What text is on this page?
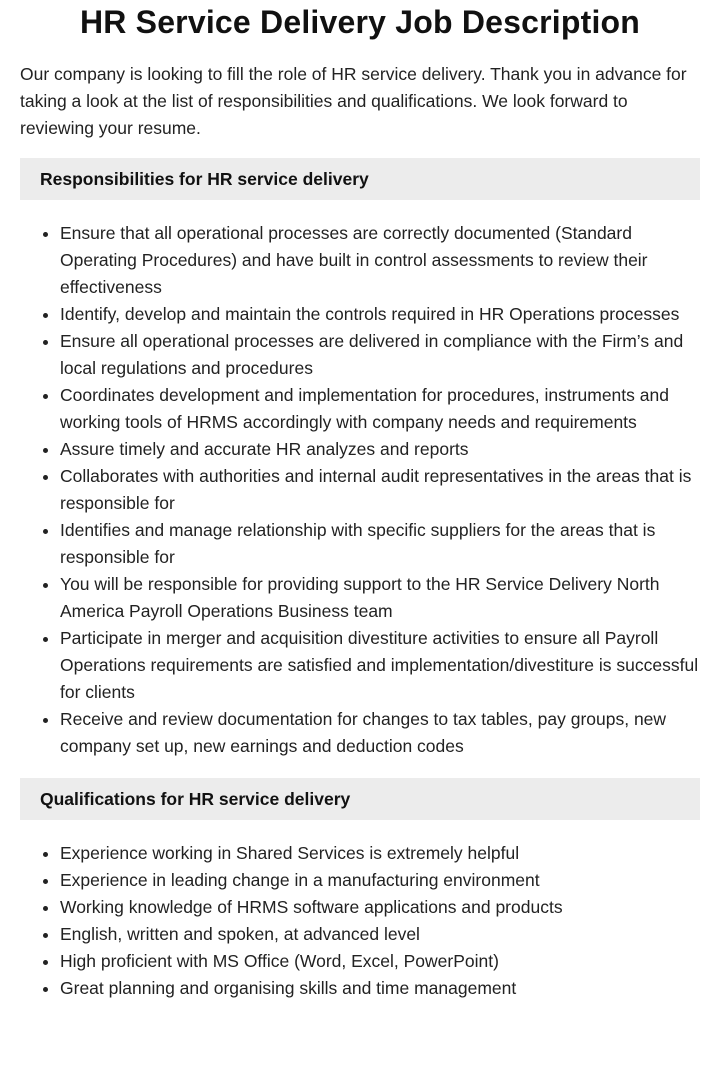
HR Service Delivery Job Description

Our company is looking to fill the role of HR service delivery. Thank you in advance for taking a look at the list of responsibilities and qualifications. We look forward to reviewing your resume.

Responsibilities for HR service delivery
• Ensure that all operational processes are correctly documented (Standard Operating Procedures) and have built in control assessments to review their effectiveness
• Identify, develop and maintain the controls required in HR Operations processes
• Ensure all operational processes are delivered in compliance with the Firm’s and local regulations and procedures
• Coordinates development and implementation for procedures, instruments and working tools of HRMS accordingly with company needs and requirements
• Assure timely and accurate HR analyzes and reports
• Collaborates with authorities and internal audit representatives in the areas that is responsible for
• Identifies and manage relationship with specific suppliers for the areas that is responsible for
• You will be responsible for providing support to the HR Service Delivery North America Payroll Operations Business team
• Participate in merger and acquisition divestiture activities to ensure all Payroll Operations requirements are satisfied and implementation/divestiture is successful for clients
• Receive and review documentation for changes to tax tables, pay groups, new company set up, new earnings and deduction codes
Qualifications for HR service delivery
• Experience working in Shared Services is extremely helpful
• Experience in leading change in a manufacturing environment
• Working knowledge of HRMS software applications and products
• English, written and spoken, at advanced level
• High proficient with MS Office (Word, Excel, PowerPoint)
• Great planning and organising skills and time management
